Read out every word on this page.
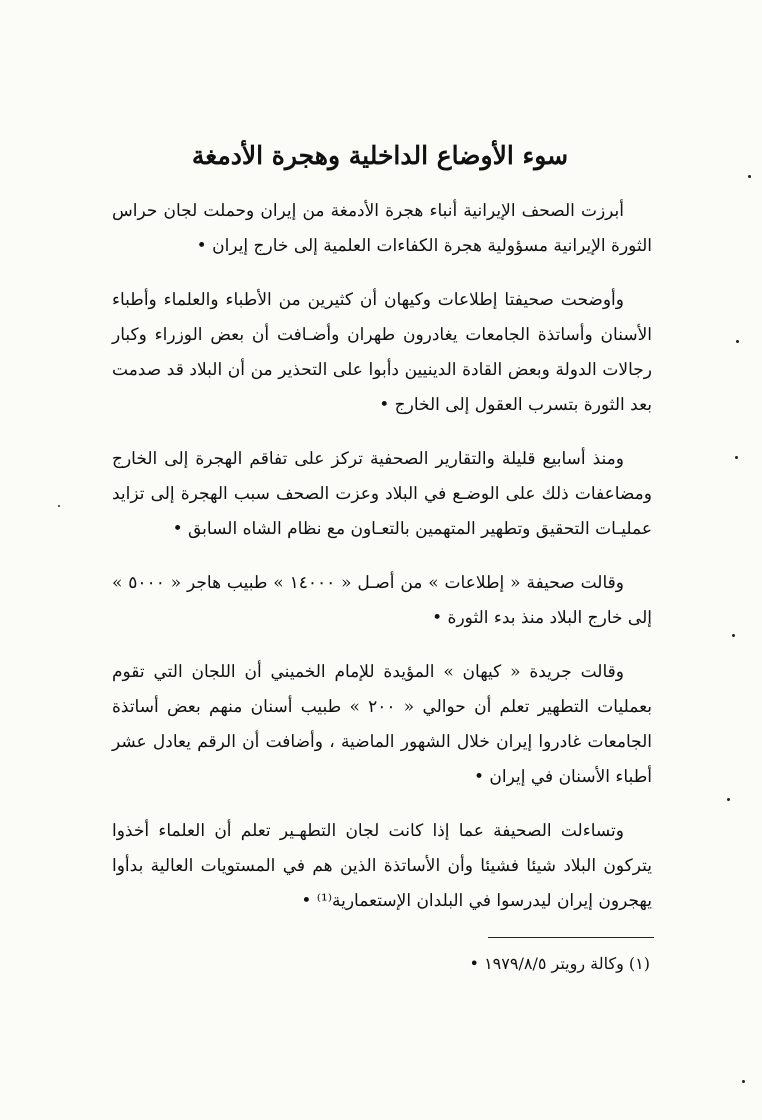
سوء الأوضاع الداخلية وهجرة الأدمغة

أبرزت الصحف الإيرانية أنباء هجرة الأدمغة من إيران وحملت لجان حراس الثورة الإيرانية مسؤولية هجرة الكفاءات العلمية إلى خارج إيران •

وأوضحت صحيفتا إطلاعات وكيهان أن كثيرين من الأطباء والعلماء وأطباء الأسنان وأساتذة الجامعات يغادرون طهران وأضـافت أن بعض الوزراء وكبار رجالات الدولة وبعض القادة الدينيين دأبوا على التحذير من أن البلاد قد صدمت بعد الثورة بتسرب العقول إلى الخارج •

ومنذ أسابيع قليلة والتقارير الصحفية تركز على تفاقم الهجرة إلى الخارج ومضاعفات ذلك على الوضـع في البلاد وعزت الصحف سبب الهجرة إلى تزايد عمليـات التحقيق وتطهير المتهمين بالتعـاون مع نظام الشاه السابق •

وقالت صحيفة « إطلاعات » من أصـل « ١٤٠٠٠ » طبيب هاجر « ٥٠٠٠ » إلى خارج البلاد منذ بدء الثورة •

وقالت جريدة « كيهان » المؤيدة للإمام الخميني أن اللجان التي تقوم بعمليات التطهير تعلم أن حوالي « ٢٠٠ » طبيب أسنان منهم بعض أساتذة الجامعات غادروا إيران خلال الشهور الماضية ، وأضافت أن الرقم يعادل عشر أطباء الأسنان في إيران •

وتساءلت الصحيفة عما إذا كانت لجان التطهـير تعلم أن العلماء أخذوا يتركون البلاد شيئا فشيئا وأن الأساتذة الذين هم في المستويات العالية بدأوا يهجرون إيران ليدرسوا في البلدان الإستعمارية⁽¹⁾ •

(١) وكالة رويتر ١٩٧٩/٨/٥ •
